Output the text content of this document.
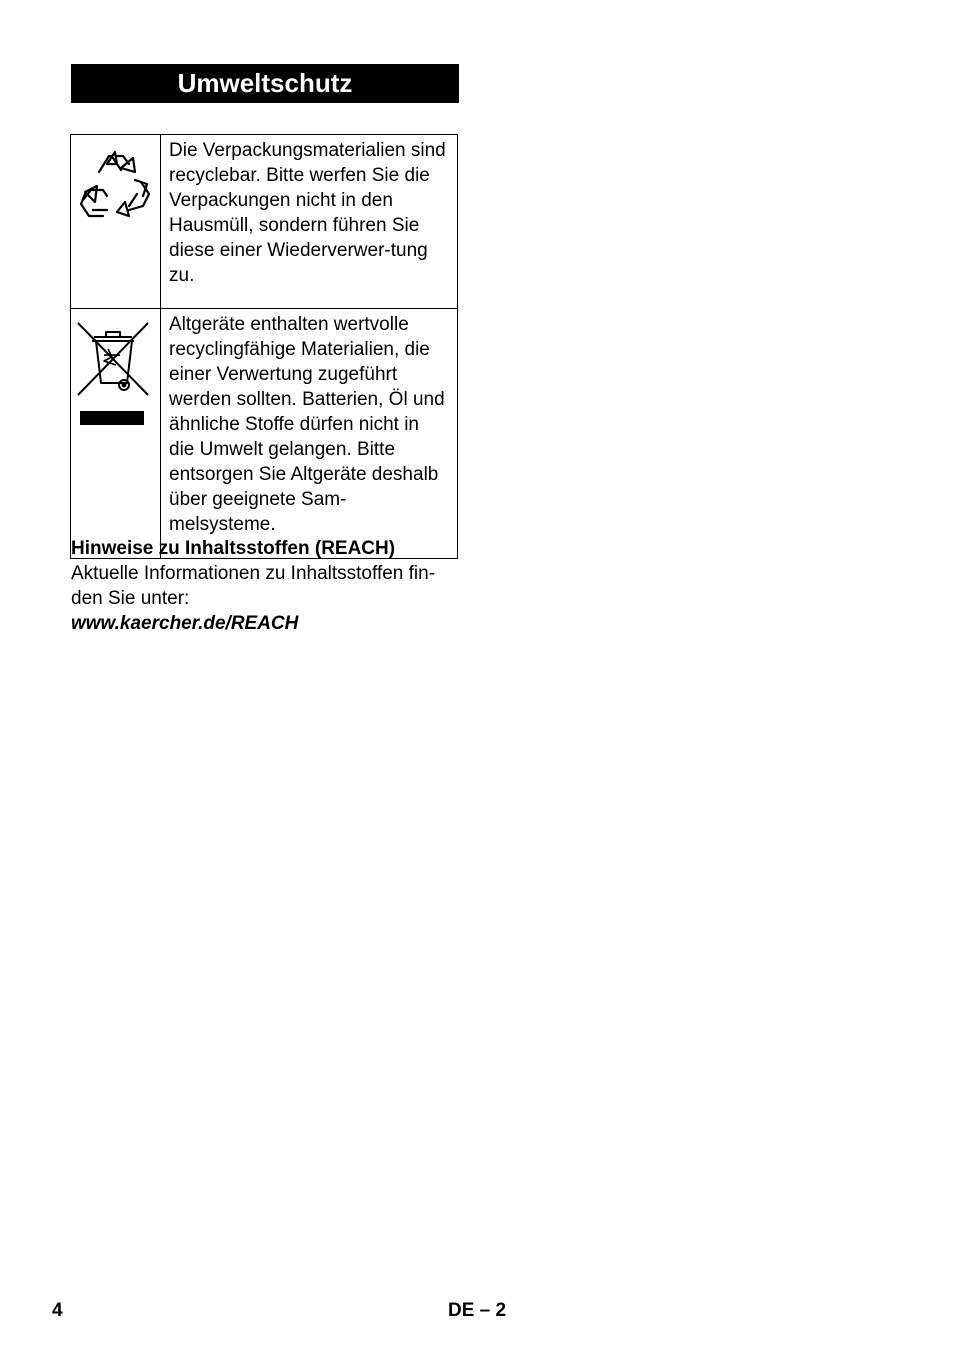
Umweltschutz
	Die Verpackungsmaterialien sind recyclebar. Bitte werfen Sie die Verpackungen nicht in den Hausmüll, sondern führen Sie diese einer Wiederverwer-tung zu.

	Altgeräte enthalten wertvolle recyclingfähige Materialien, die einer Verwertung zugeführt werden sollten. Batterien, Öl und ähnliche Stoffe dürfen nicht in die Umwelt gelangen. Bitte entsorgen Sie Altgeräte deshalb über geeignete Sam-melsysteme.
Hinweise zu Inhaltsstoffen (REACH)
Aktuelle Informationen zu Inhaltsstoffen fin-den Sie unter:
www.kaercher.de/REACH
4	DE – 2
